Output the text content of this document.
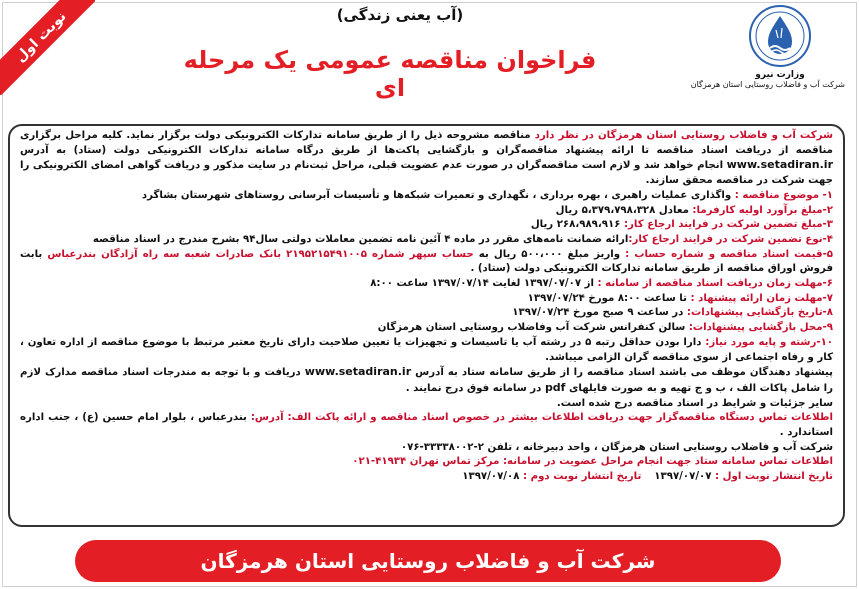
نوبت اول	(آب یعنی زندگی)
فراخوان مناقصه عمومی یک مرحله ای	وزارت نیرو
شرکت آب و فاضلاب روستایی استان هرمزگان

شرکت آب و فاضلاب روستایی استان هرمزگان در نظر دارد مناقصه مشروحه ذیل را از طریق سامانه تدارکات الکترونیکی دولت برگزار نماید. کلیه مراحل برگزاری مناقصه از دریافت اسناد مناقصه تا ارائه پیشنهاد مناقصه‌گران و بازگشایی پاکت‌ها از طریق درگاه سامانه تدارکات الکترونیکی دولت (ستاد) به آدرس www.setadiran.ir انجام خواهد شد و لازم است مناقصه‌گران در صورت عدم عضویت قبلی، مراحل ثبت‌نام در سایت مذکور و دریافت گواهی امضای الکترونیکی را جهت شرکت در مناقصه محقق سازند.

۱- موضوع مناقصه : واگذاری عملیات راهبری ، بهره برداری ، نگهداری و تعمیرات شبکه‌ها و تأسیسات آبرسانی روستاهای شهرستان بشاگرد

۲-مبلغ برآورد اولیه کارفرما: معادل ۵،۳۷۹،۷۹۸،۳۲۸ ریال

۳-مبلغ تضمین شرکت در فرایند ارجاع کار: ۲۶۸،۹۸۹،۹۱۶ ریال

۴-نوع تضمین شرکت در فرایند ارجاع کار:ارائه ضمانت نامه‌های مقرر در ماده ۴ آئین نامه تضمین معاملات دولتی سال۹۴ بشرح مندرج در اسناد مناقصه

۵-قیمت اسناد مناقصه و شماره حساب : واریز مبلغ ۵۰۰،۰۰۰ ریال به حساب سپهر شماره ۲۱۹۵۲۱۵۴۹۱۰۰۵ بانک صادرات شعبه سه راه آزادگان بندرعباس بابت فروش اوراق مناقصه از طریق سامانه تدارکات الکترونیکی دولت (ستاد) .

۶-مهلت زمان دریافت اسناد مناقصه از سامانه : از ۱۳۹۷/۰۷/۰۷ لغایت ۱۳۹۷/۰۷/۱۴ ساعت ۸:۰۰

۷-مهلت زمان ارائه پیشنهاد : تا ساعت ۸:۰۰ مورخ ۱۳۹۷/۰۷/۲۴

۸-تاریخ بازگشایی پیشنهادات: در ساعت ۹ صبح مورخ ۱۳۹۷/۰۷/۲۴

۹-محل بازگشایی پیشنهادات: سالن کنفرانس شرکت آب وفاضلاب روستایی استان هرمزگان

۱۰-رشته و پایه مورد نیاز: دارا بودن حداقل رتبه ۵ در رشته آب یا تاسیسات و تجهیزات یا تعیین صلاحیت دارای تاریخ معتبر مرتبط با موضوع مناقصه از اداره تعاون ، کار و رفاه اجتماعی از سوی مناقصه گران الزامی میباشد.

پیشنهاد دهندگان موظف می باشند اسناد مناقصه را از طریق سامانه ستاد به آدرس www.setadiran.ir دریافت و با توجه به مندرجات اسناد مناقصه مدارک لازم را شامل پاکات الف ، ب و ج تهیه و به صورت فایلهای pdf در سامانه فوق درج نمایند .

سایر جزئیات و شرایط در اسناد مناقصه درج شده است.

اطلاعات تماس دستگاه مناقصه‌گزار جهت دریافت اطلاعات بیشتر در خصوص اسناد مناقصه و ارائه پاکت الف: آدرس: بندرعباس ، بلوار امام حسین (ع) ، جنب اداره استاندارد .

شرکت آب و فاضلاب روستایی استان هرمزگان ، واحد دبیرخانه ، تلفن ۲-۳۳۳۳۸۰۰۲-۰۷۶

اطلاعات تماس سامانه ستاد جهت انجام مراحل عضویت در سامانه: مرکز تماس تهران ۴۱۹۳۴-۰۲۱

تاریخ انتشار نوبت اول : ۱۳۹۷/۰۷/۰۷    تاریخ انتشار نوبت دوم : ۱۳۹۷/۰۷/۰۸

شرکت آب و فاضلاب روستایی استان هرمزگان
